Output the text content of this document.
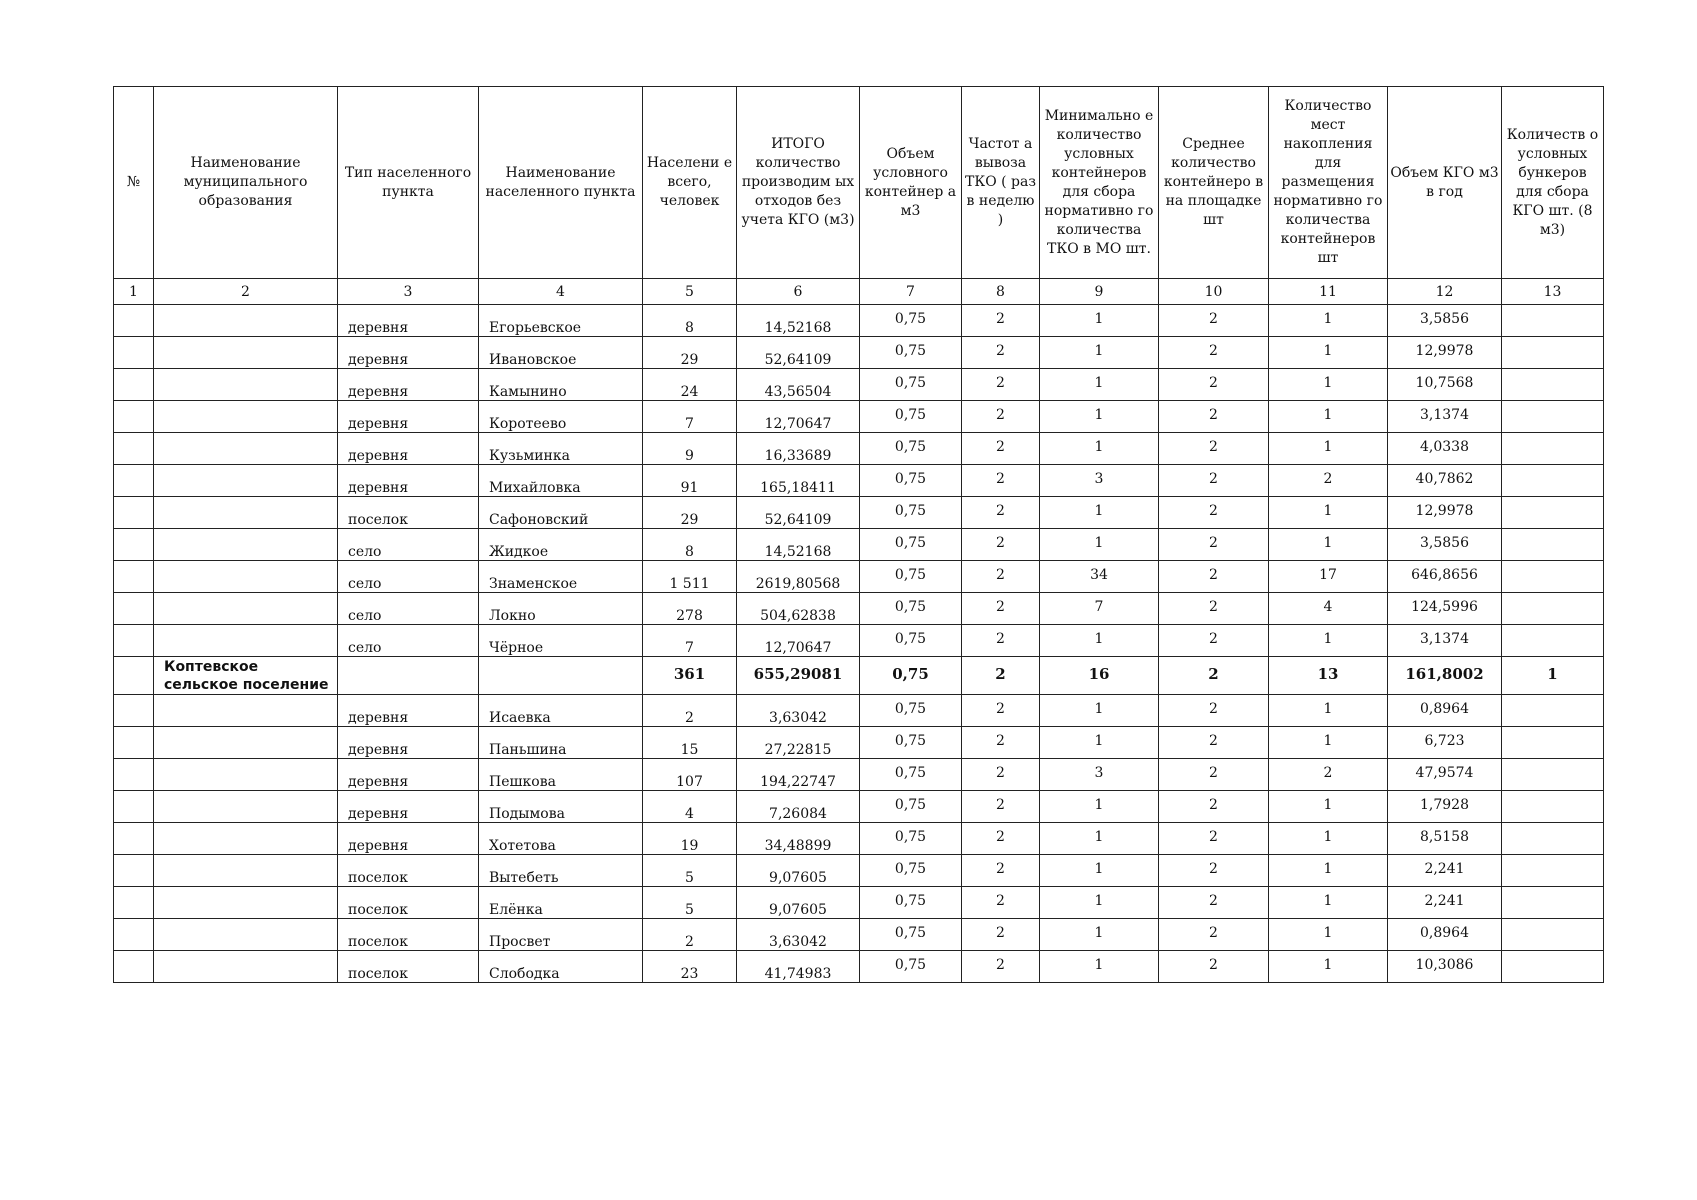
№	Наименование муниципального образования	Тип населенного пункта	Наименование населенного пункта	Населени е всего, человек	ИТОГО количество производим ых отходов без учета КГО (м3)	Объем условного контейнер а м3	Частот а вывоза ТКО ( раз в неделю )	Минимально е количество условных контейнеров для сбора нормативно го количества ТКО в МО шт.	Среднее количество контейнеро в на площадке шт	Количество мест накопления для размещения нормативно го количества контейнеров шт	Объем КГО м3 в год	Количеств о условных бункеров для сбора КГО шт. (8 м3)
1	2	3	4	5	6	7	8	9	10	11	12	13
		деревня	Егорьевское	8	14,52168	0,75	2	1	2	1	3,5856	
		деревня	Ивановское	29	52,64109	0,75	2	1	2	1	12,9978	
		деревня	Камынино	24	43,56504	0,75	2	1	2	1	10,7568	
		деревня	Коротеево	7	12,70647	0,75	2	1	2	1	3,1374	
		деревня	Кузьминка	9	16,33689	0,75	2	1	2	1	4,0338	
		деревня	Михайловка	91	165,18411	0,75	2	3	2	2	40,7862	
		поселок	Сафоновский	29	52,64109	0,75	2	1	2	1	12,9978	
		село	Жидкое	8	14,52168	0,75	2	1	2	1	3,5856	
		село	Знаменское	1 511	2619,80568	0,75	2	34	2	17	646,8656	
		село	Локно	278	504,62838	0,75	2	7	2	4	124,5996	
		село	Чёрное	7	12,70647	0,75	2	1	2	1	3,1374	
	Коптевское сельское поселение			361	655,29081	0,75	2	16	2	13	161,8002	1
		деревня	Исаевка	2	3,63042	0,75	2	1	2	1	0,8964	
		деревня	Паньшина	15	27,22815	0,75	2	1	2	1	6,723	
		деревня	Пешкова	107	194,22747	0,75	2	3	2	2	47,9574	
		деревня	Подымова	4	7,26084	0,75	2	1	2	1	1,7928	
		деревня	Хотетова	19	34,48899	0,75	2	1	2	1	8,5158	
		поселок	Вытебеть	5	9,07605	0,75	2	1	2	1	2,241	
		поселок	Елёнка	5	9,07605	0,75	2	1	2	1	2,241	
		поселок	Просвет	2	3,63042	0,75	2	1	2	1	0,8964	
		поселок	Слободка	23	41,74983	0,75	2	1	2	1	10,3086	
